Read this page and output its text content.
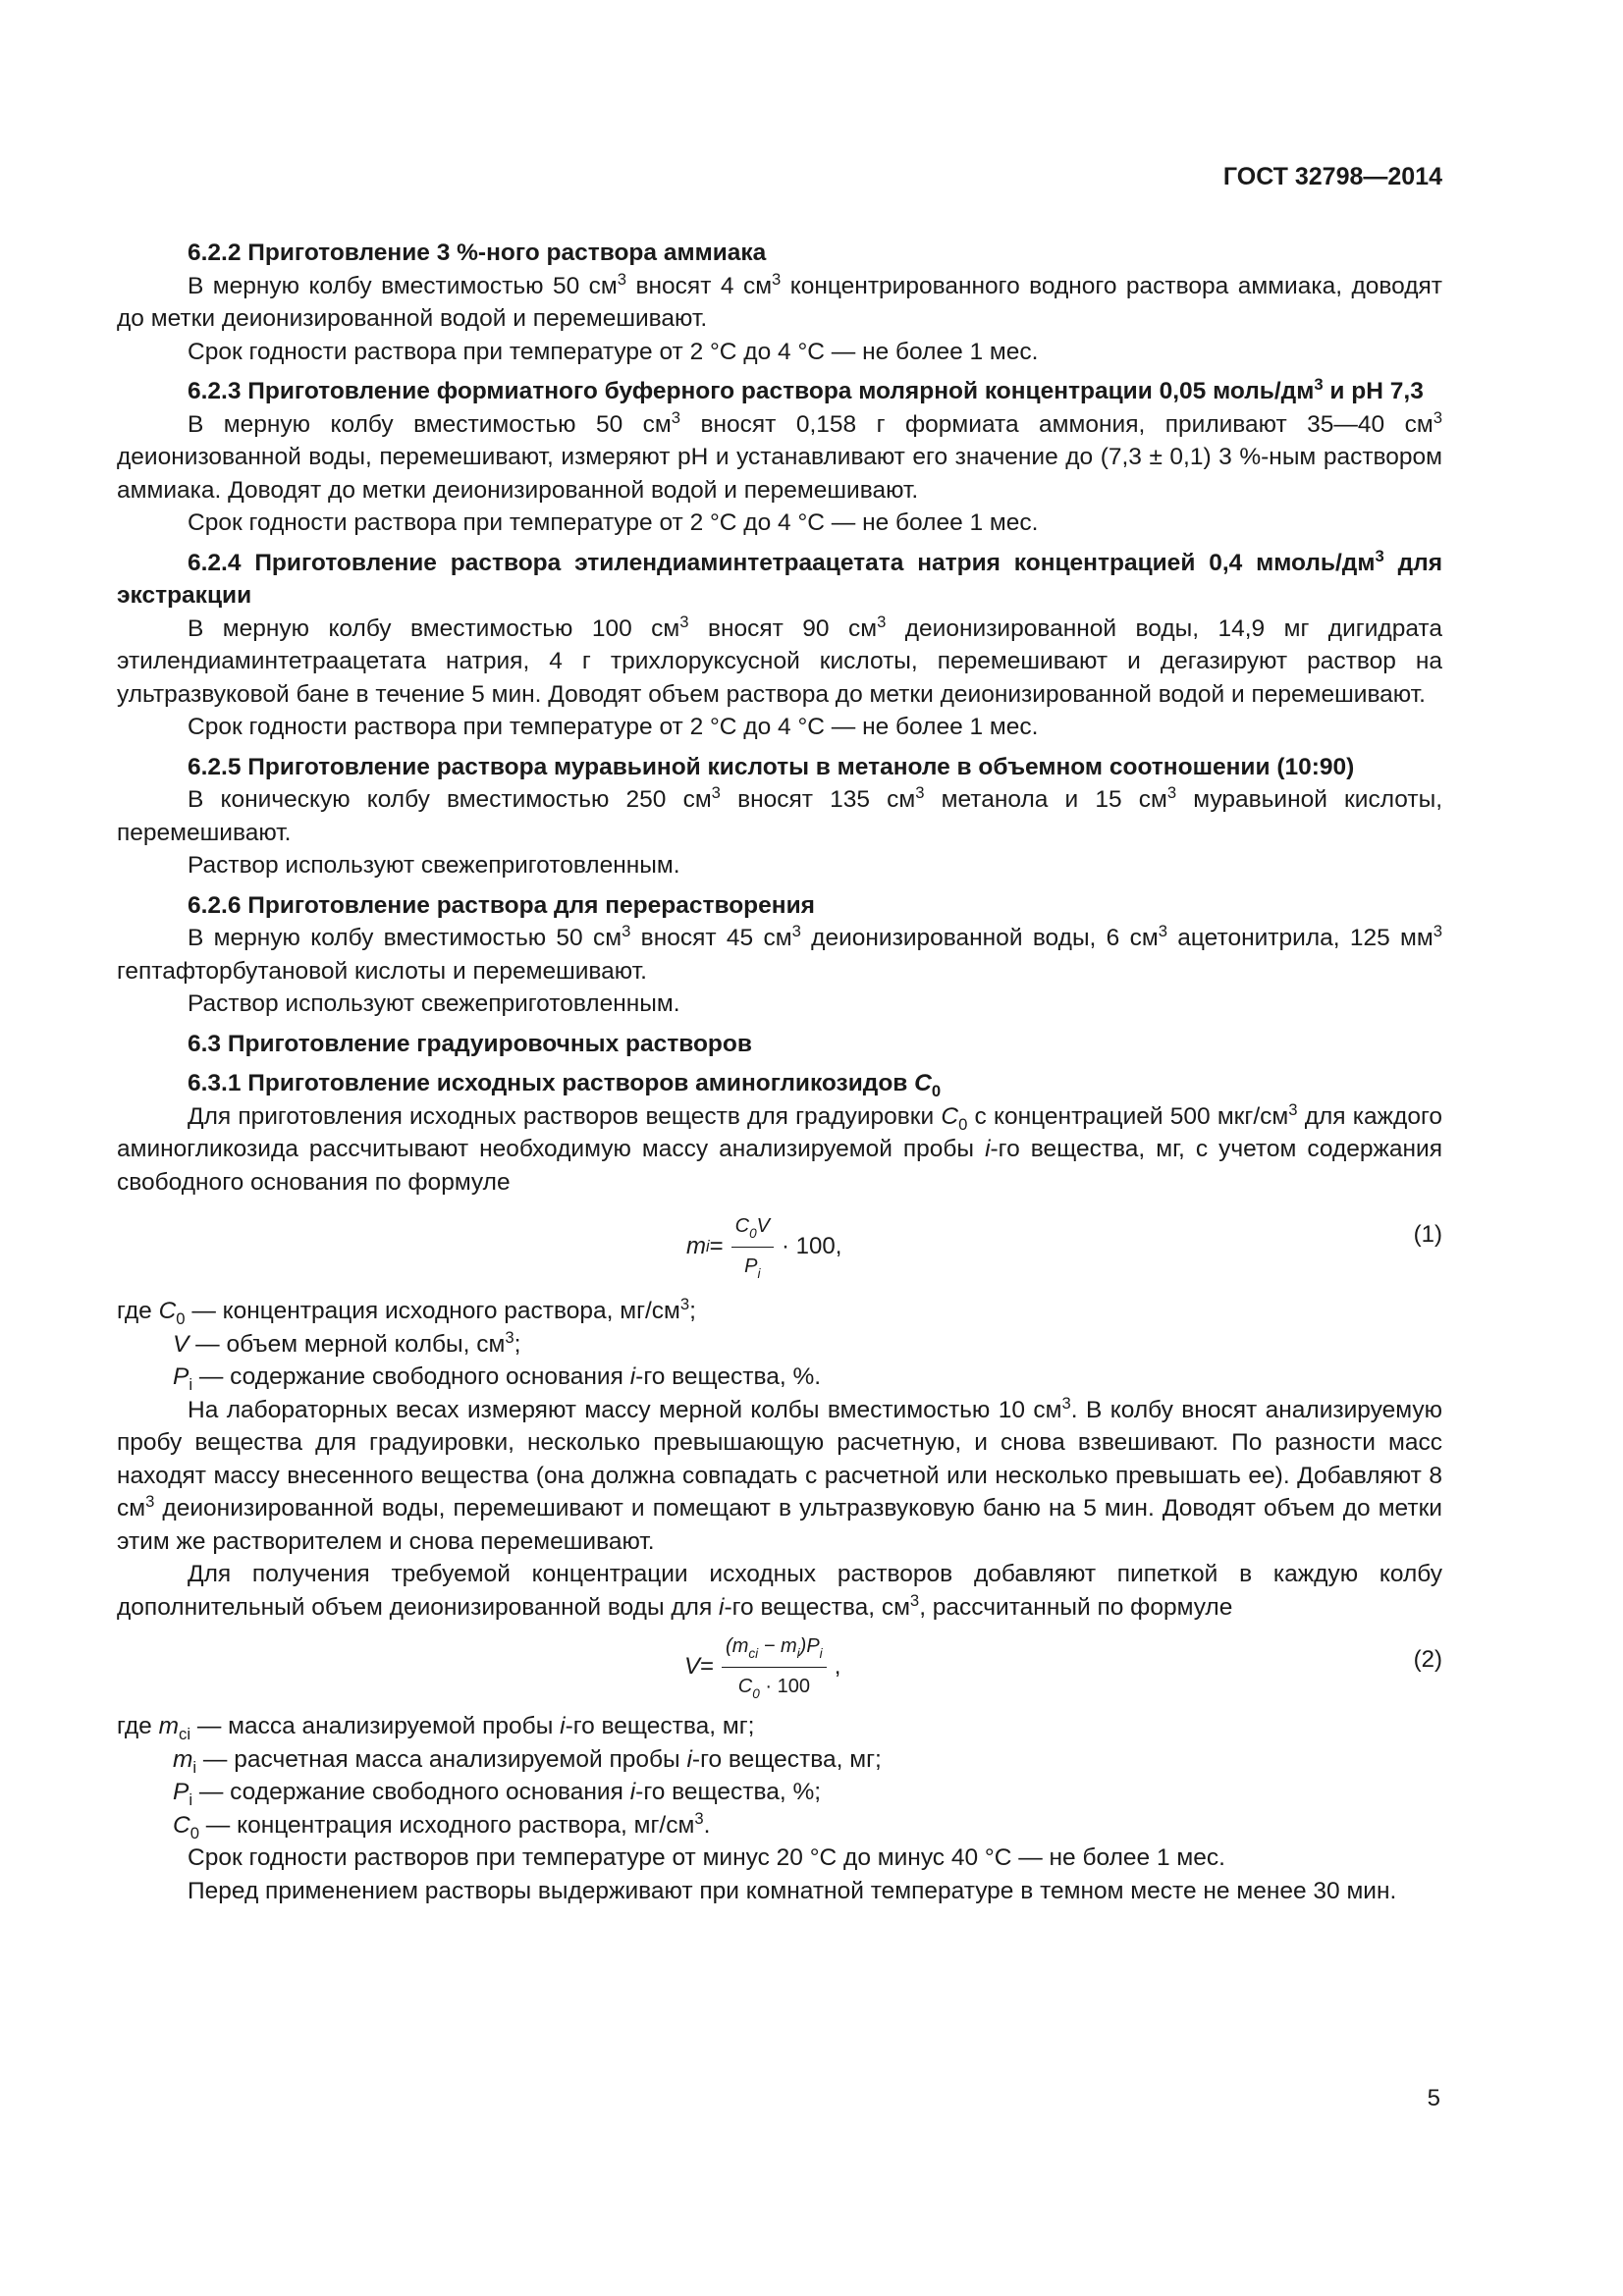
ГОСТ 32798—2014

6.2.2 Приготовление 3 %-ного раствора аммиака

В мерную колбу вместимостью 50 $см^3$ вносят 4 $см^3$ концентрированного водного раствора аммиака, доводят до метки деионизированной водой и перемешивают.

Срок годности раствора при температуре от 2 °С до 4 °С — не более 1 мес.

6.2.3 Приготовление формиатного буферного раствора молярной концентрации 0,05 моль/$дм^3$ и рН 7,3

В мерную колбу вместимостью 50 $см^3$ вносят 0,158 г формиата аммония, приливают 35—40 $см^3$ деионизованной воды, перемешивают, измеряют рН и устанавливают его значение до (7,3 ± 0,1) 3 %-ным раствором аммиака. Доводят до метки деионизированной водой и перемешивают.

Срок годности раствора при температуре от 2 °С до 4 °С — не более 1 мес.

6.2.4 Приготовление раствора этилендиаминтетраацетата натрия концентрацией 0,4 ммоль/$дм^3$ для экстракции

В мерную колбу вместимостью 100 $см^3$ вносят 90 $см^3$ деионизированной воды, 14,9 мг дигидрата этилендиаминтетраацетата натрия, 4 г трихлоруксусной кислоты, перемешивают и дегазируют раствор на ультразвуковой бане в течение 5 мин. Доводят объем раствора до метки деионизированной водой и перемешивают.

Срок годности раствора при температуре от 2 °С до 4 °С — не более 1 мес.

6.2.5 Приготовление раствора муравьиной кислоты в метаноле в объемном соотношении (10:90)

В коническую колбу вместимостью 250 $см^3$ вносят 135 $см^3$ метанола и 15 $см^3$ муравьиной кислоты, перемешивают.

Раствор используют свежеприготовленным.

6.2.6 Приготовление раствора для перерастворения

В мерную колбу вместимостью 50 $см^3$ вносят 45 $см^3$ деионизированной воды, 6 $см^3$ ацетонитрила, 125 $мм^3$ гептафторбутановой кислоты и перемешивают.

Раствор используют свежеприготовленным.

6.3 Приготовление градуировочных растворов

6.3.1 Приготовление исходных растворов аминогликозидов $C_0$

Для приготовления исходных растворов веществ для градуировки $C_0$ с концентрацией 500 мкг/$см^3$ для каждого аминогликозида рассчитывают необходимую массу анализируемой пробы i-го вещества, мг, с учетом содержания свободного основания по формуле

m $i = \frac{C_0V}{P_i} \cdot 100$,	(1)

где $C_0$ — концентрация исходного раствора, $мг/см^3$;

V — объем мерной колбы, $см^3$;

$P_i$ — содержание свободного основания i-го вещества, %.

На лабораторных весах измеряют массу мерной колбы вместимостью 10 $см^3$. В колбу вносят анализируемую пробу вещества для градуировки, несколько превышающую расчетную, и снова взвешивают. По разности масс находят массу внесенного вещества (она должна совпадать с расчетной или несколько превышать ее). Добавляют 8 $см^3$ деионизированной воды, перемешивают и помещают в ультразвуковую баню на 5 мин. Доводят объем до метки этим же растворителем и снова перемешивают.

Для получения требуемой концентрации исходных растворов добавляют пипеткой в каждую колбу дополнительный объем деионизированной воды для i-го вещества, $см^3$, рассчитанный по формуле

$V = \frac{(m_{ci} - m_i)P_i}{C_0 \cdot 100}$ ,	(2)

где $m_{ci}$ — масса анализируемой пробы i-го вещества, мг;

$m_i$ — расчетная масса анализируемой пробы i-го вещества, мг;

$P_i$ — содержание свободного основания i-го вещества, %;

$C_0$ — концентрация исходного раствора, $мг/см^3$.

Срок годности растворов при температуре от минус 20 °С до минус 40 °С — не более 1 мес.

Перед применением растворы выдерживают при комнатной температуре в темном месте не менее 30 мин.

5
